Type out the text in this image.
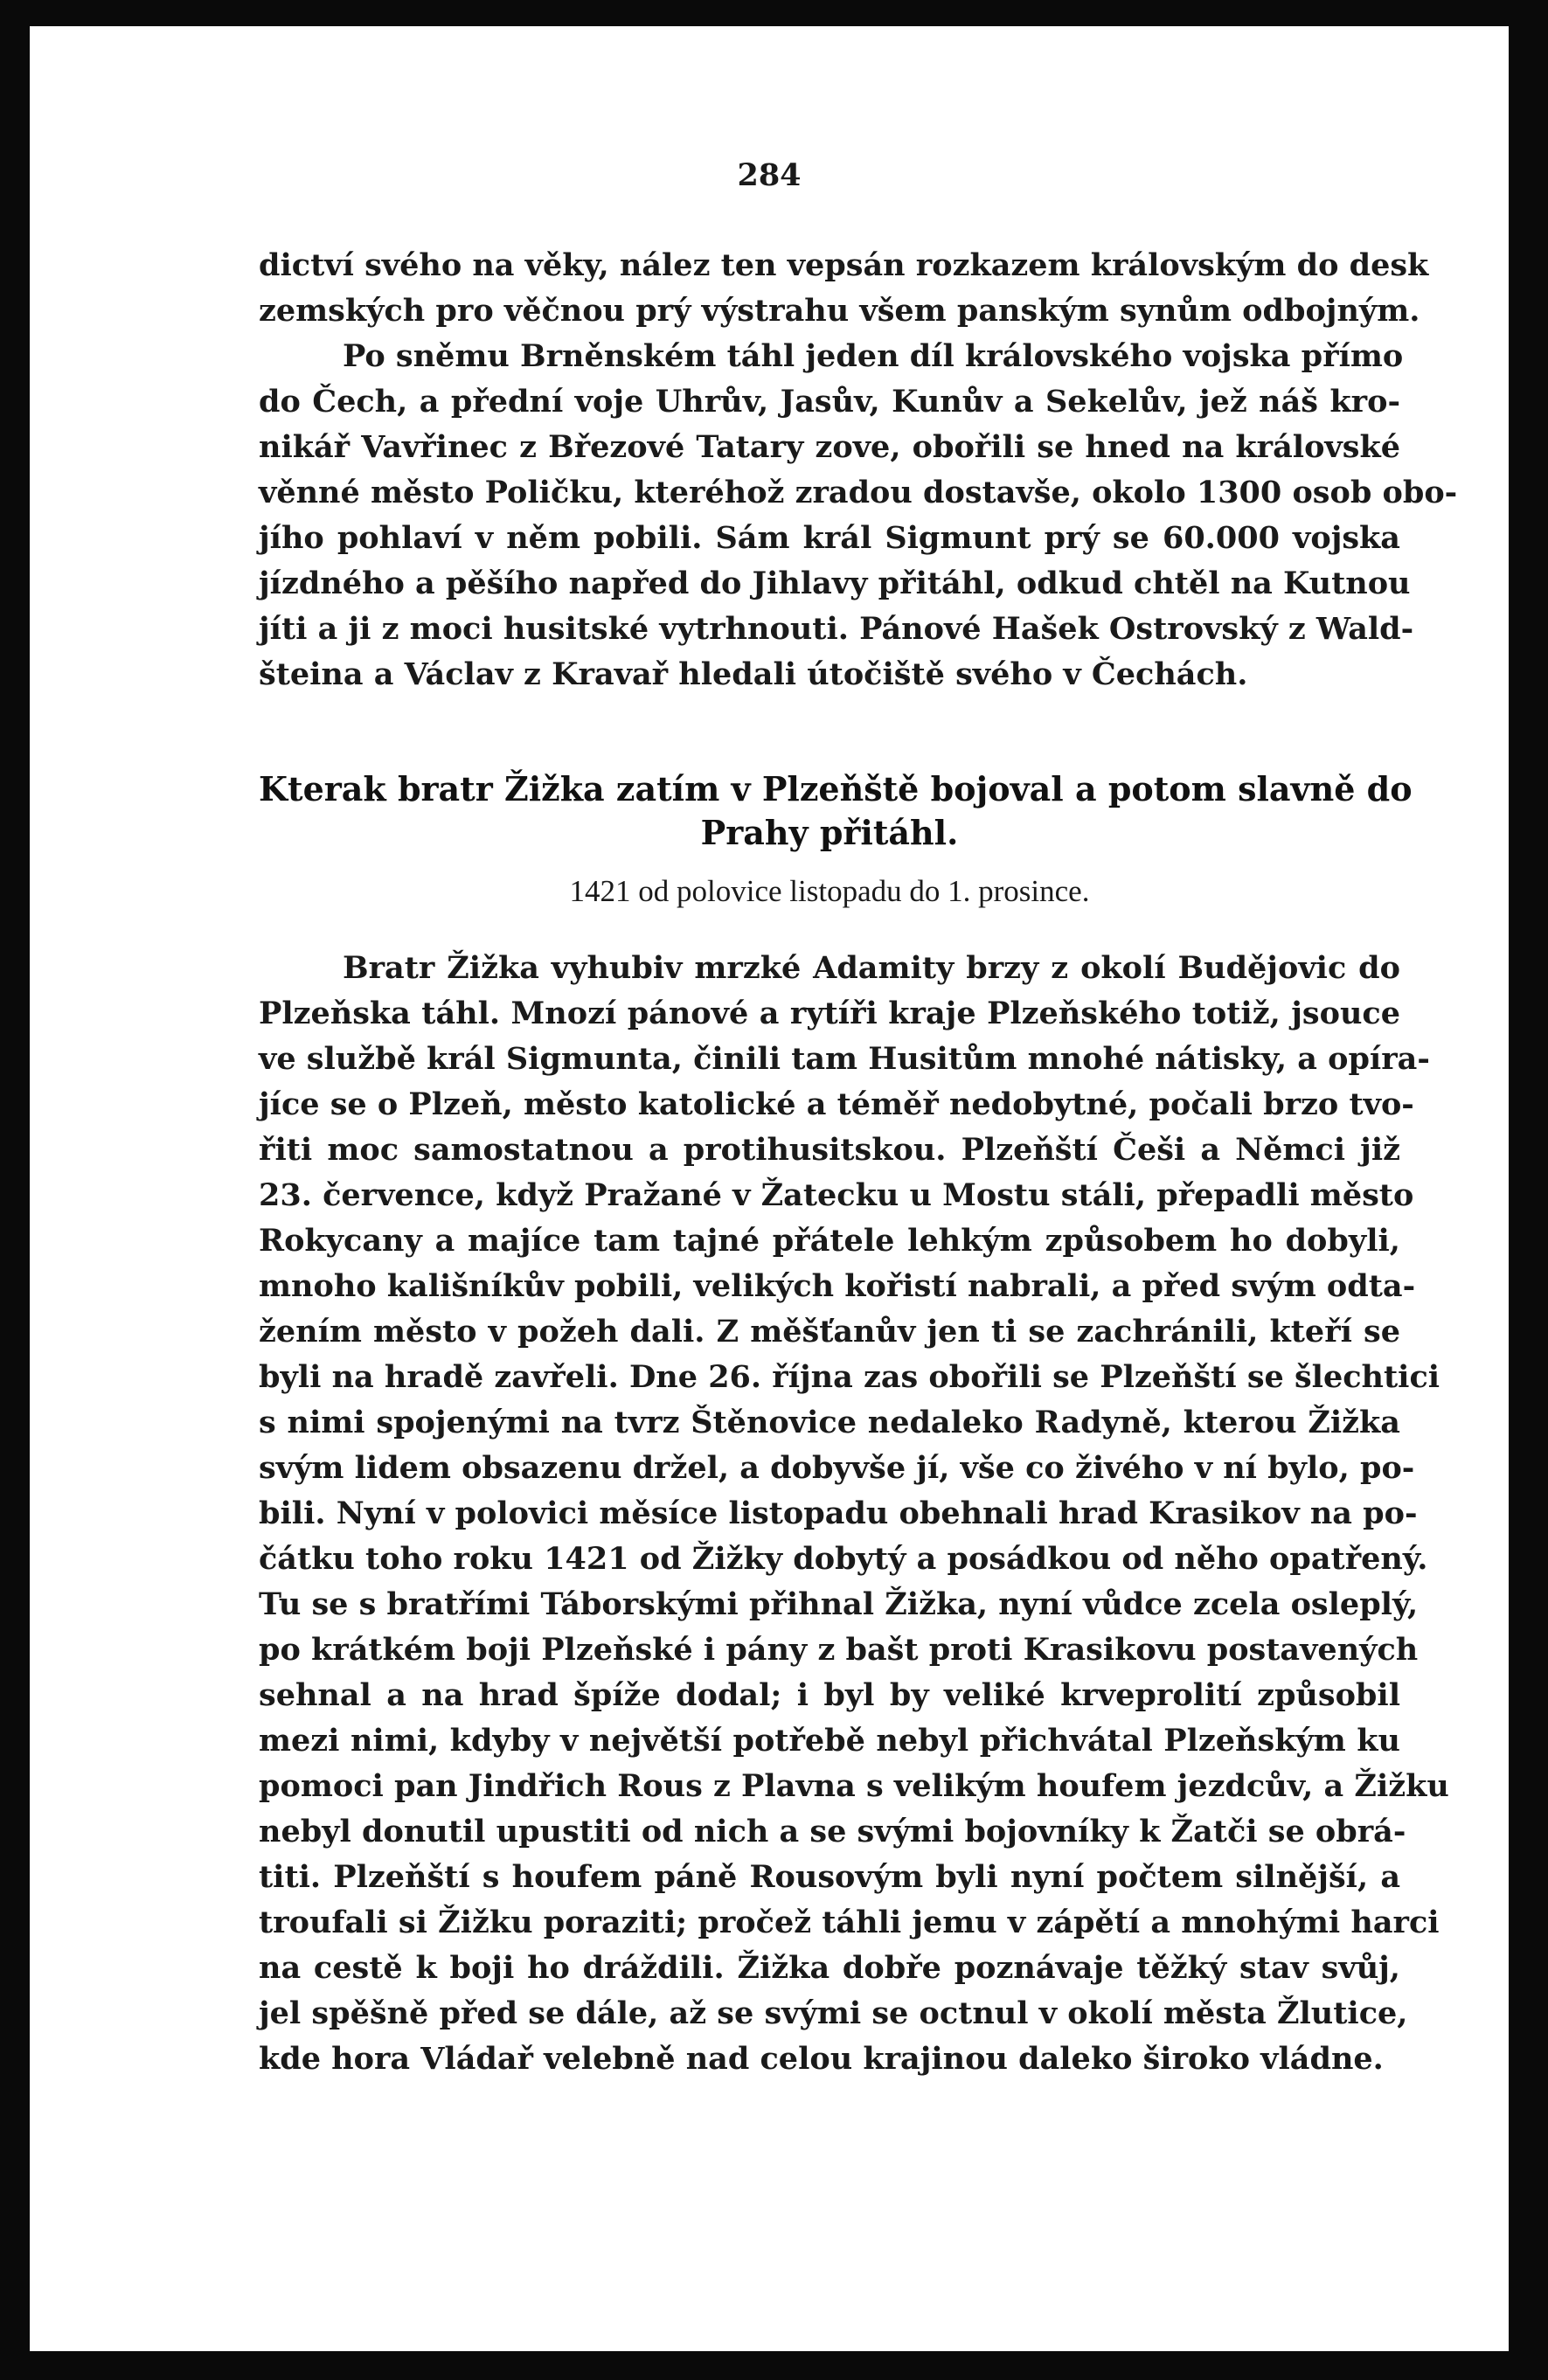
284
dictví svého na věky, nález ten vepsán rozkazem královským do desk
zemských pro věčnou prý výstrahu všem panským synům odbojným.
Po sněmu Brněnském táhl jeden díl královského vojska přímo
do Čech, a přední voje Uhrův, Jasův, Kunův a Sekelův, jež náš kro-
nikář Vavřinec z Březové Tatary zove, obořili se hned na královské
věnné město Poličku, kteréhož zradou dostavše, okolo 1300 osob obo-
jího pohlaví v něm pobili. Sám král Sigmunt prý se 60.000 vojska
jízdného a pěšího napřed do Jihlavy přitáhl, odkud chtěl na Kutnou
jíti a ji z moci husitské vytrhnouti. Pánové Hašek Ostrovský z Wald-
šteina a Václav z Kravař hledali útočiště svého v Čechách.
Kterak bratr Žižka zatím v Plzeňště bojoval a potom slavně do
Prahy přitáhl.
1421 od polovice listopadu do 1. prosince.
Bratr Žižka vyhubiv mrzké Adamity brzy z okolí Budějovic do
Plzeňska táhl. Mnozí pánové a rytíři kraje Plzeňského totiž, jsouce
ve službě král Sigmunta, činili tam Husitům mnohé nátisky, a opíra-
jíce se o Plzeň, město katolické a téměř nedobytné, počali brzo tvo-
řiti moc samostatnou a protihusitskou. Plzeňští Češi a Němci již
23. července, když Pražané v Žatecku u Mostu stáli, přepadli město
Rokycany a majíce tam tajné přátele lehkým způsobem ho dobyli,
mnoho kališníkův pobili, velikých kořistí nabrali, a před svým odta-
žením město v požeh dali. Z měšťanův jen ti se zachránili, kteří se
byli na hradě zavřeli. Dne 26. října zas obořili se Plzeňští se šlechtici
s nimi spojenými na tvrz Štěnovice nedaleko Radyně, kterou Žižka
svým lidem obsazenu držel, a dobyvše jí, vše co živého v ní bylo, po-
bili. Nyní v polovici měsíce listopadu obehnali hrad Krasikov na po-
čátku toho roku 1421 od Žižky dobytý a posádkou od něho opatřený.
Tu se s bratřími Táborskými přihnal Žižka, nyní vůdce zcela osleplý,
po krátkém boji Plzeňské i pány z bašt proti Krasikovu postavených
sehnal a na hrad špíže dodal; i byl by veliké krveprolití způsobil
mezi nimi, kdyby v největší potřebě nebyl přichvátal Plzeňským ku
pomoci pan Jindřich Rous z Plavna s velikým houfem jezdcův, a Žižku
nebyl donutil upustiti od nich a se svými bojovníky k Žatči se obrá-
titi. Plzeňští s houfem páně Rousovým byli nyní počtem silnější, a
troufali si Žižku poraziti; pročež táhli jemu v zápětí a mnohými harci
na cestě k boji ho dráždili. Žižka dobře poznávaje těžký stav svůj,
jel spěšně před se dále, až se svými se octnul v okolí města Žlutice,
kde hora Vládař velebně nad celou krajinou daleko široko vládne.
